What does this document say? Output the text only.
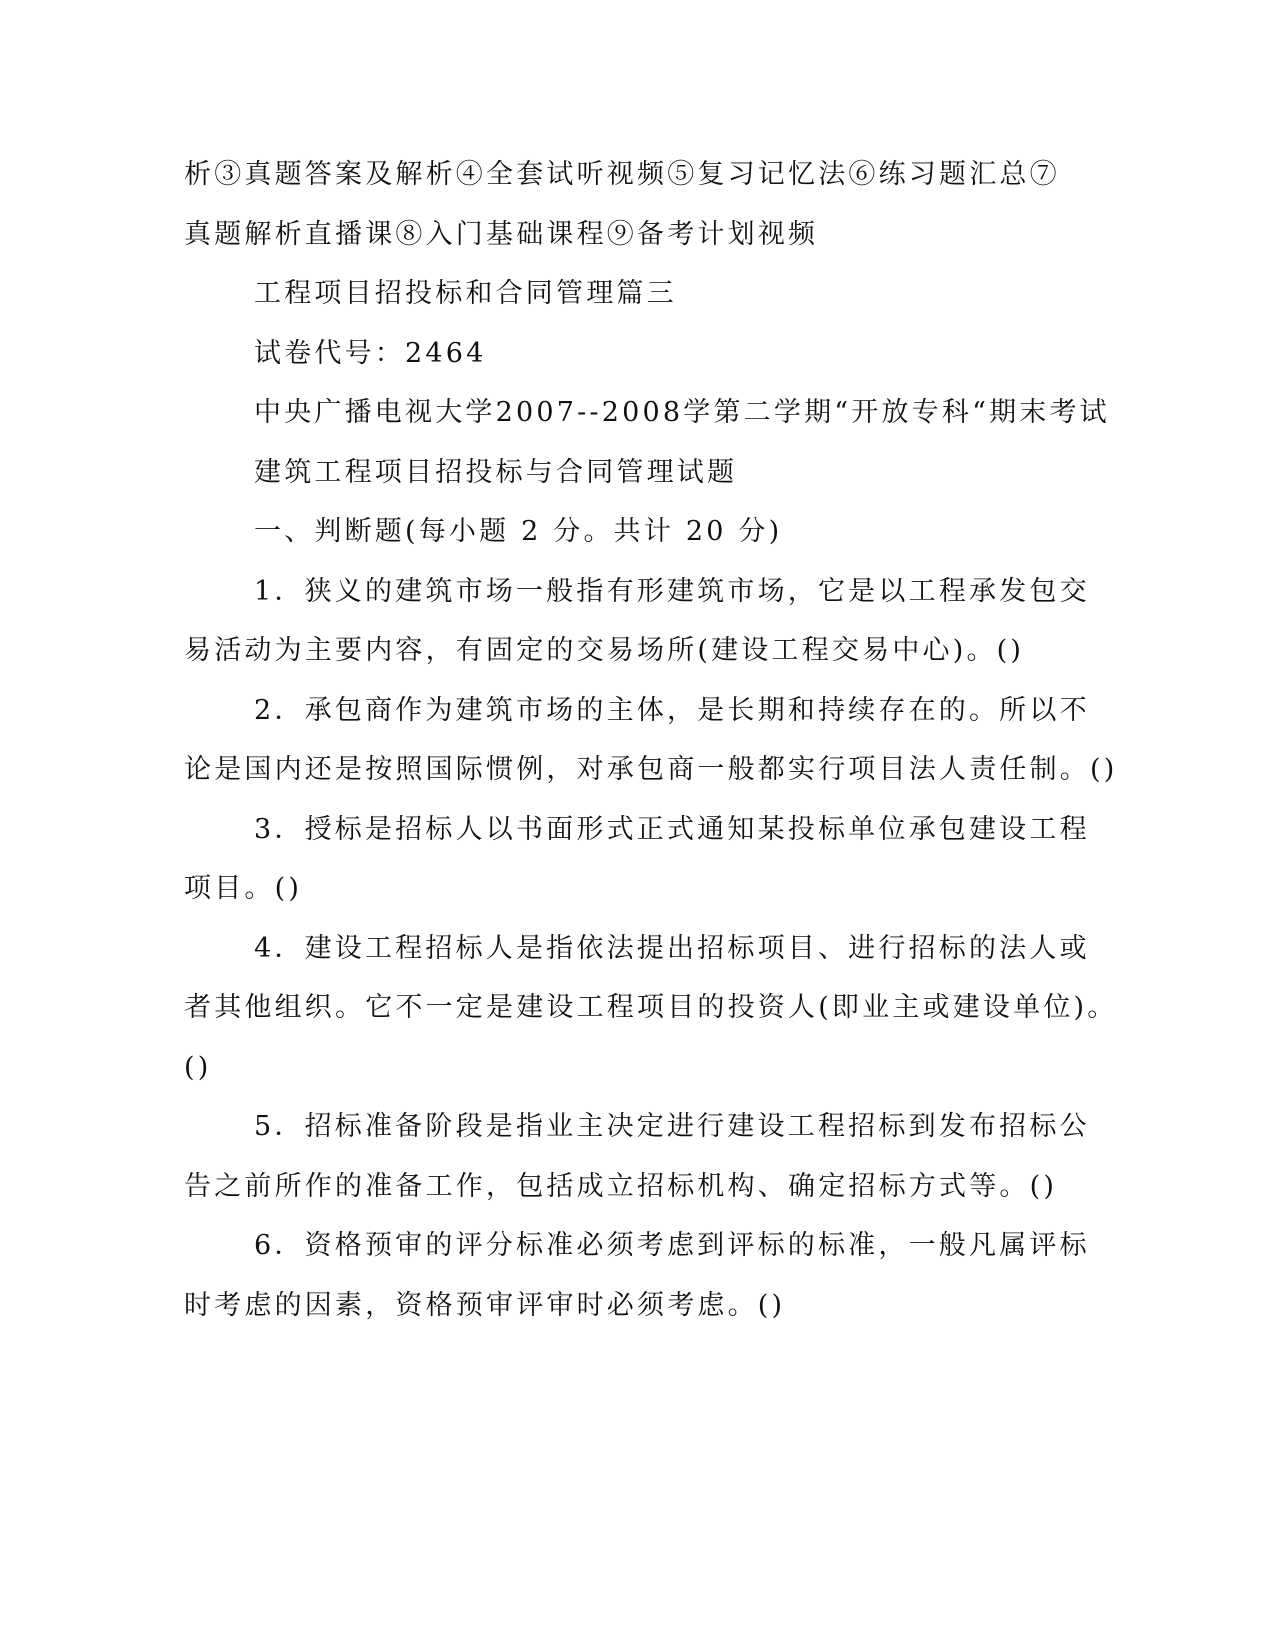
析③真题答案及解析④全套试听视频⑤复习记忆法⑥练习题汇总⑦
真题解析直播课⑧入门基础课程⑨备考计划视频
工程项目招投标和合同管理篇三
试卷代号：2464
中央广播电视大学2007--2008学第二学期“开放专科“期末考试
建筑工程项目招投标与合同管理试题
一、判断题(每小题 2 分。共计 20 分)
1．狭义的建筑市场一般指有形建筑市场，它是以工程承发包交
易活动为主要内容，有固定的交易场所(建设工程交易中心)。()
2．承包商作为建筑市场的主体，是长期和持续存在的。所以不
论是国内还是按照国际惯例，对承包商一般都实行项目法人责任制。()
3．授标是招标人以书面形式正式通知某投标单位承包建设工程
项目。()
4．建设工程招标人是指依法提出招标项目、进行招标的法人或
者其他组织。它不一定是建设工程项目的投资人(即业主或建设单位)。
()
5．招标准备阶段是指业主决定进行建设工程招标到发布招标公
告之前所作的准备工作，包括成立招标机构、确定招标方式等。()
6．资格预审的评分标准必须考虑到评标的标准，一般凡属评标
时考虑的因素，资格预审评审时必须考虑。()
